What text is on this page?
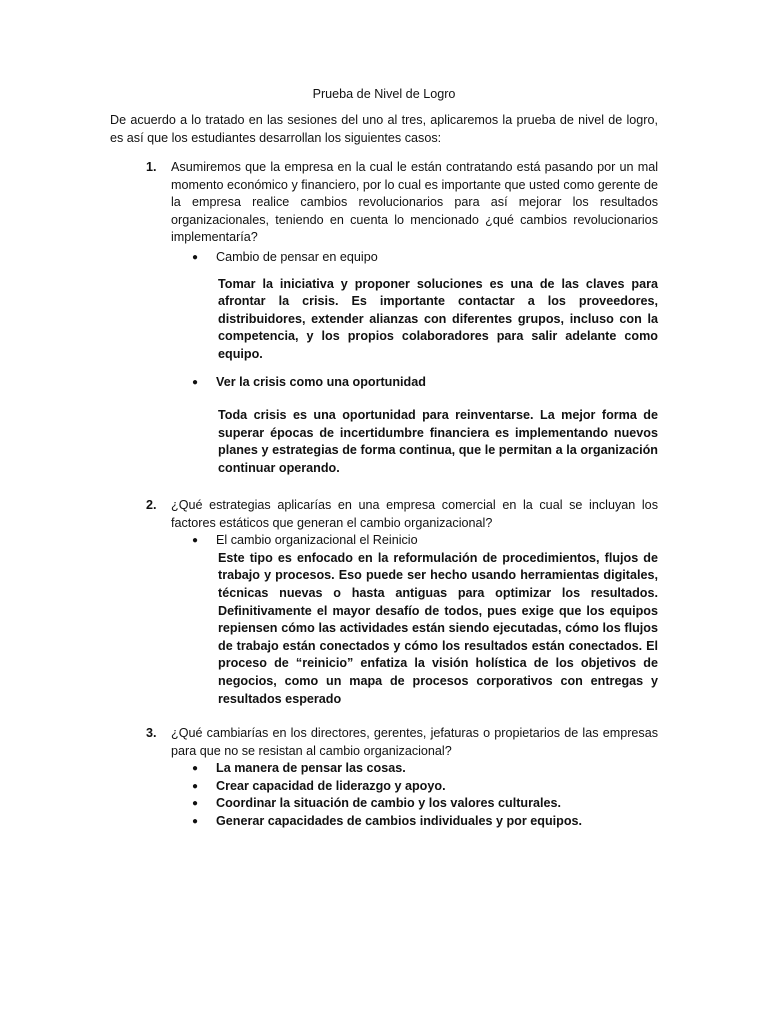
Prueba de Nivel de Logro
De acuerdo a lo tratado en las sesiones del uno al tres, aplicaremos la prueba de nivel de logro, es así que los estudiantes desarrollan los siguientes casos:
1. Asumiremos que la empresa en la cual le están contratando está pasando por un mal momento económico y financiero, por lo cual es importante que usted como gerente de la empresa realice cambios revolucionarios para así mejorar los resultados organizacionales, teniendo en cuenta lo mencionado ¿qué cambios revolucionarios implementaría?
● Cambio de pensar en equipo
Tomar la iniciativa y proponer soluciones es una de las claves para afrontar la crisis. Es importante contactar a los proveedores, distribuidores, extender alianzas con diferentes grupos, incluso con la competencia, y los propios colaboradores para salir adelante como equipo.
● Ver la crisis como una oportunidad
Toda crisis es una oportunidad para reinventarse. La mejor forma de superar épocas de incertidumbre financiera es implementando nuevos planes y estrategias de forma continua, que le permitan a la organización continuar operando.
2. ¿Qué estrategias aplicarías en una empresa comercial en la cual se incluyan los factores estáticos que generan el cambio organizacional?
● El cambio organizacional el Reinicio
Este tipo es enfocado en la reformulación de procedimientos, flujos de trabajo y procesos. Eso puede ser hecho usando herramientas digitales, técnicas nuevas o hasta antiguas para optimizar los resultados. Definitivamente el mayor desafío de todos, pues exige que los equipos repiensen cómo las actividades están siendo ejecutadas, cómo los flujos de trabajo están conectados y cómo los resultados están conectados. El proceso de “reinicio” enfatiza la visión holística de los objetivos de negocios, como un mapa de procesos corporativos con entregas y resultados esperado
3. ¿Qué cambiarías en los directores, gerentes, jefaturas o propietarios de las empresas para que no se resistan al cambio organizacional?
● La manera de pensar las cosas.
● Crear capacidad de liderazgo y apoyo.
● Coordinar la situación de cambio y los valores culturales.
● Generar capacidades de cambios individuales y por equipos.
